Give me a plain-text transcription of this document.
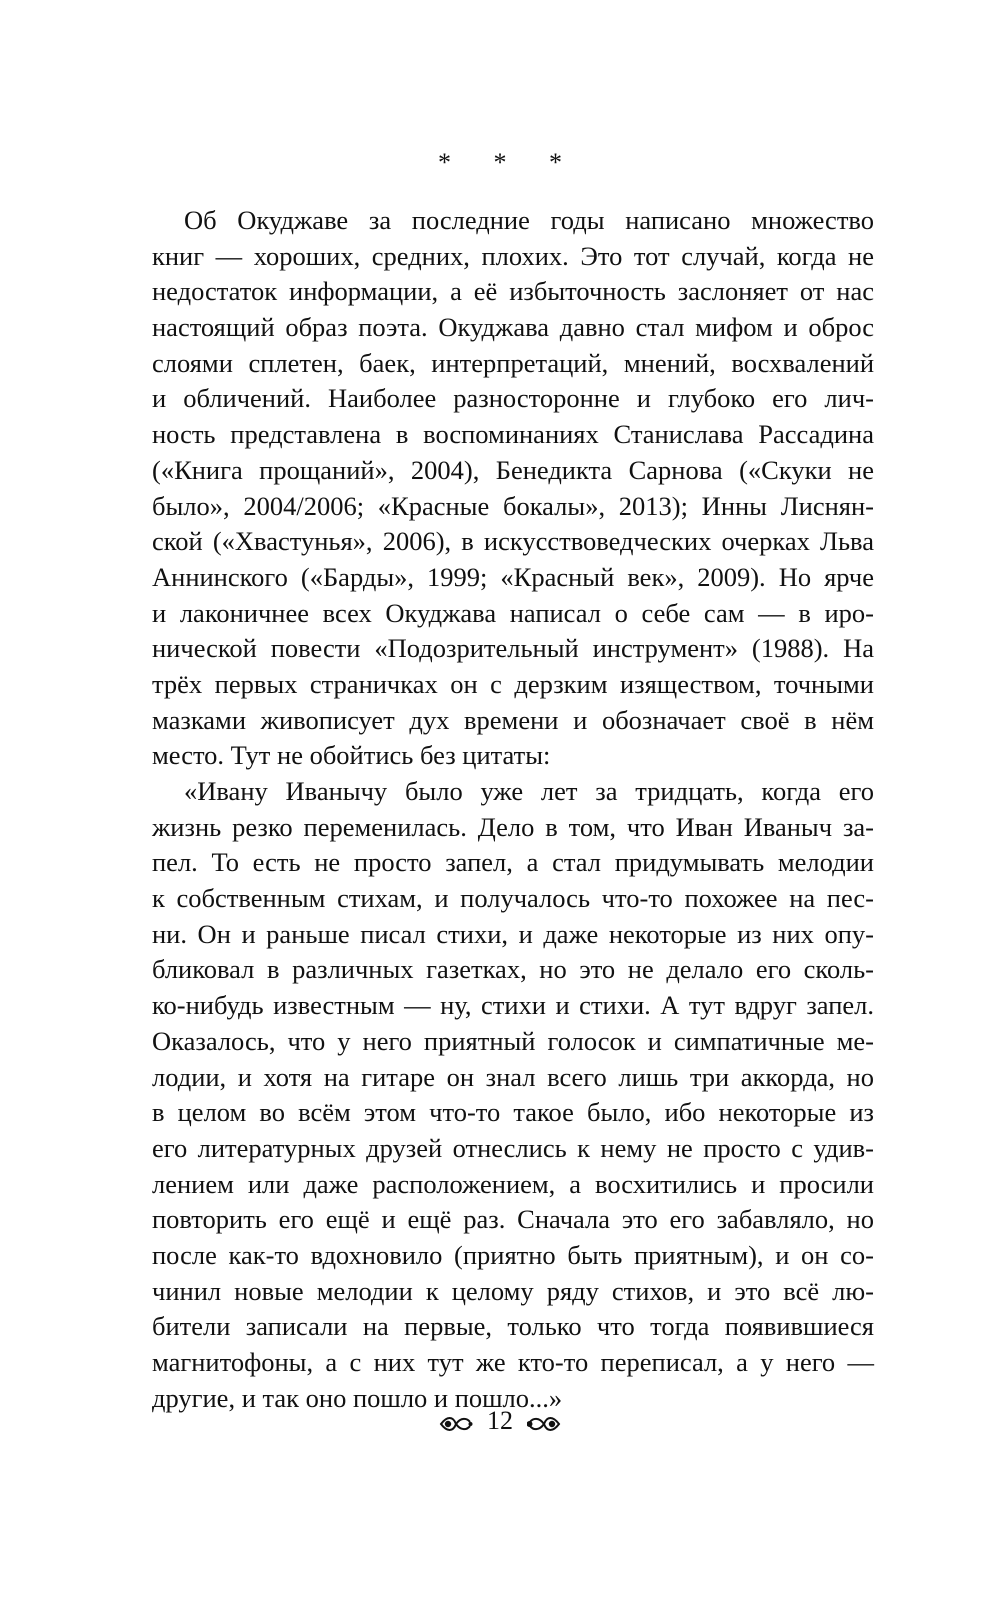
* * *
Об Окуджаве за последние годы написано множество
книг — хороших, средних, плохих. Это тот случай, когда не
недостаток информации, а её избыточность заслоняет от нас
настоящий образ поэта. Окуджава давно стал мифом и оброс
слоями сплетен, баек, интерпретаций, мнений, восхвалений
и обличений. Наиболее разносторонне и глубоко его лич-
ность представлена в воспоминаниях Станислава Рассадина
(«Книга прощаний», 2004), Бенедикта Сарнова («Скуки не
было», 2004/2006; «Красные бокалы», 2013); Инны Лиснян-
ской («Хвастунья», 2006), в искусствоведческих очерках Льва
Аннинского («Барды», 1999; «Красный век», 2009). Но ярче
и лаконичнее всех Окуджава написал о себе сам — в иро-
нической повести «Подозрительный инструмент» (1988). На
трёх первых страничках он с дерзким изяществом, точными
мазками живописует дух времени и обозначает своё в нём
место. Тут не обойтись без цитаты:
«Ивану Иванычу было уже лет за тридцать, когда его
жизнь резко переменилась. Дело в том, что Иван Иваныч за-
пел. То есть не просто запел, а стал придумывать мелодии
к собственным стихам, и получалось что-то похожее на пес-
ни. Он и раньше писал стихи, и даже некоторые из них опу-
бликовал в различных газетках, но это не делало его сколь-
ко-нибудь известным — ну, стихи и стихи. А тут вдруг запел.
Оказалось, что у него приятный голосок и симпатичные ме-
лодии, и хотя на гитаре он знал всего лишь три аккорда, но
в целом во всём этом что-то такое было, ибо некоторые из
его литературных друзей отнеслись к нему не просто с удив-
лением или даже расположением, а восхитились и просили
повторить его ещё и ещё раз. Сначала это его забавляло, но
после как-то вдохновило (приятно быть приятным), и он со-
чинил новые мелодии к целому ряду стихов, и это всё лю-
бители записали на первые, только что тогда появившиеся
магнитофоны, а с них тут же кто-то переписал, а у него —
другие, и так оно пошло и пошло...»
12
